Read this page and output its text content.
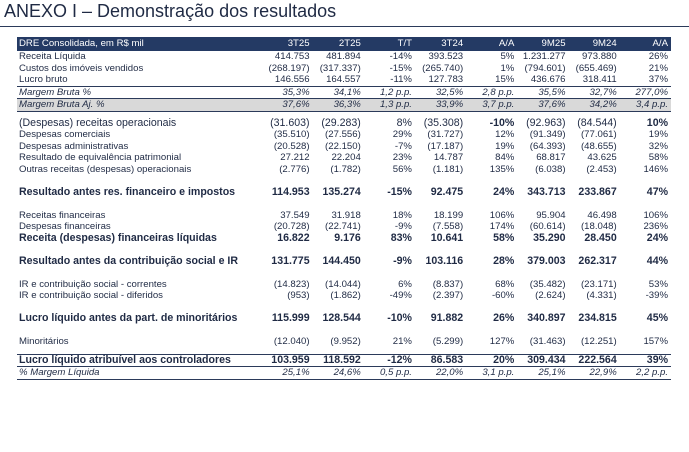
ANEXO I – Demonstração dos resultados
DRE Consolidada, em R$ mil	3T25	2T25	T/T	3T24	A/A	9M25	9M24	A/A
Receita Líquida	414.753	481.894	-14%	393.523	5%	1.231.277	973.880	26%
Custos dos imóveis vendidos	(268.197)	(317.337)	-15%	(265.740)	1%	(794.601)	(655.469)	21%
Lucro bruto	146.556	164.557	-11%	127.783	15%	436.676	318.411	37%
Margem Bruta %	35,3%	34,1%	1,2 p.p.	32,5%	2,8 p.p.	35,5%	32,7%	277,0%
Margem Bruta Aj. %	37,6%	36,3%	1,3 p.p.	33,9%	3,7 p.p.	37,6%	34,2%	3,4 p.p.

(Despesas) receitas operacionais	(31.603)	(29.283)	8%	(35.308)	-10%	(92.963)	(84.544)	10%
Despesas comerciais	(35.510)	(27.556)	29%	(31.727)	12%	(91.349)	(77.061)	19%
Despesas administrativas	(20.528)	(22.150)	-7%	(17.187)	19%	(64.393)	(48.655)	32%
Resultado de equivalência patrimonial	27.212	22.204	23%	14.787	84%	68.817	43.625	58%
Outras receitas (despesas) operacionais	(2.776)	(1.782)	56%	(1.181)	135%	(6.038)	(2.453)	146%

Resultado antes res. financeiro e impostos	114.953	135.274	-15%	92.475	24%	343.713	233.867	47%

Receitas financeiras	37.549	31.918	18%	18.199	106%	95.904	46.498	106%
Despesas financeiras	(20.728)	(22.741)	-9%	(7.558)	174%	(60.614)	(18.048)	236%
Receita (despesas) financeiras líquidas	16.822	9.176	83%	10.641	58%	35.290	28.450	24%

Resultado antes da contribuição social e IR	131.775	144.450	-9%	103.116	28%	379.003	262.317	44%

IR e contribuição social - correntes	(14.823)	(14.044)	6%	(8.837)	68%	(35.482)	(23.171)	53%
IR e contribuição social - diferidos	(953)	(1.862)	-49%	(2.397)	-60%	(2.624)	(4.331)	-39%

Lucro líquido antes da part. de minoritários	115.999	128.544	-10%	91.882	26%	340.897	234.815	45%

Minoritários	(12.040)	(9.952)	21%	(5.299)	127%	(31.463)	(12.251)	157%

Lucro líquido atribuível aos controladores	103.959	118.592	-12%	86.583	20%	309.434	222.564	39%
% Margem Líquida	25,1%	24,6%	0,5 p.p.	22,0%	3,1 p.p.	25,1%	22,9%	2,2 p.p.
